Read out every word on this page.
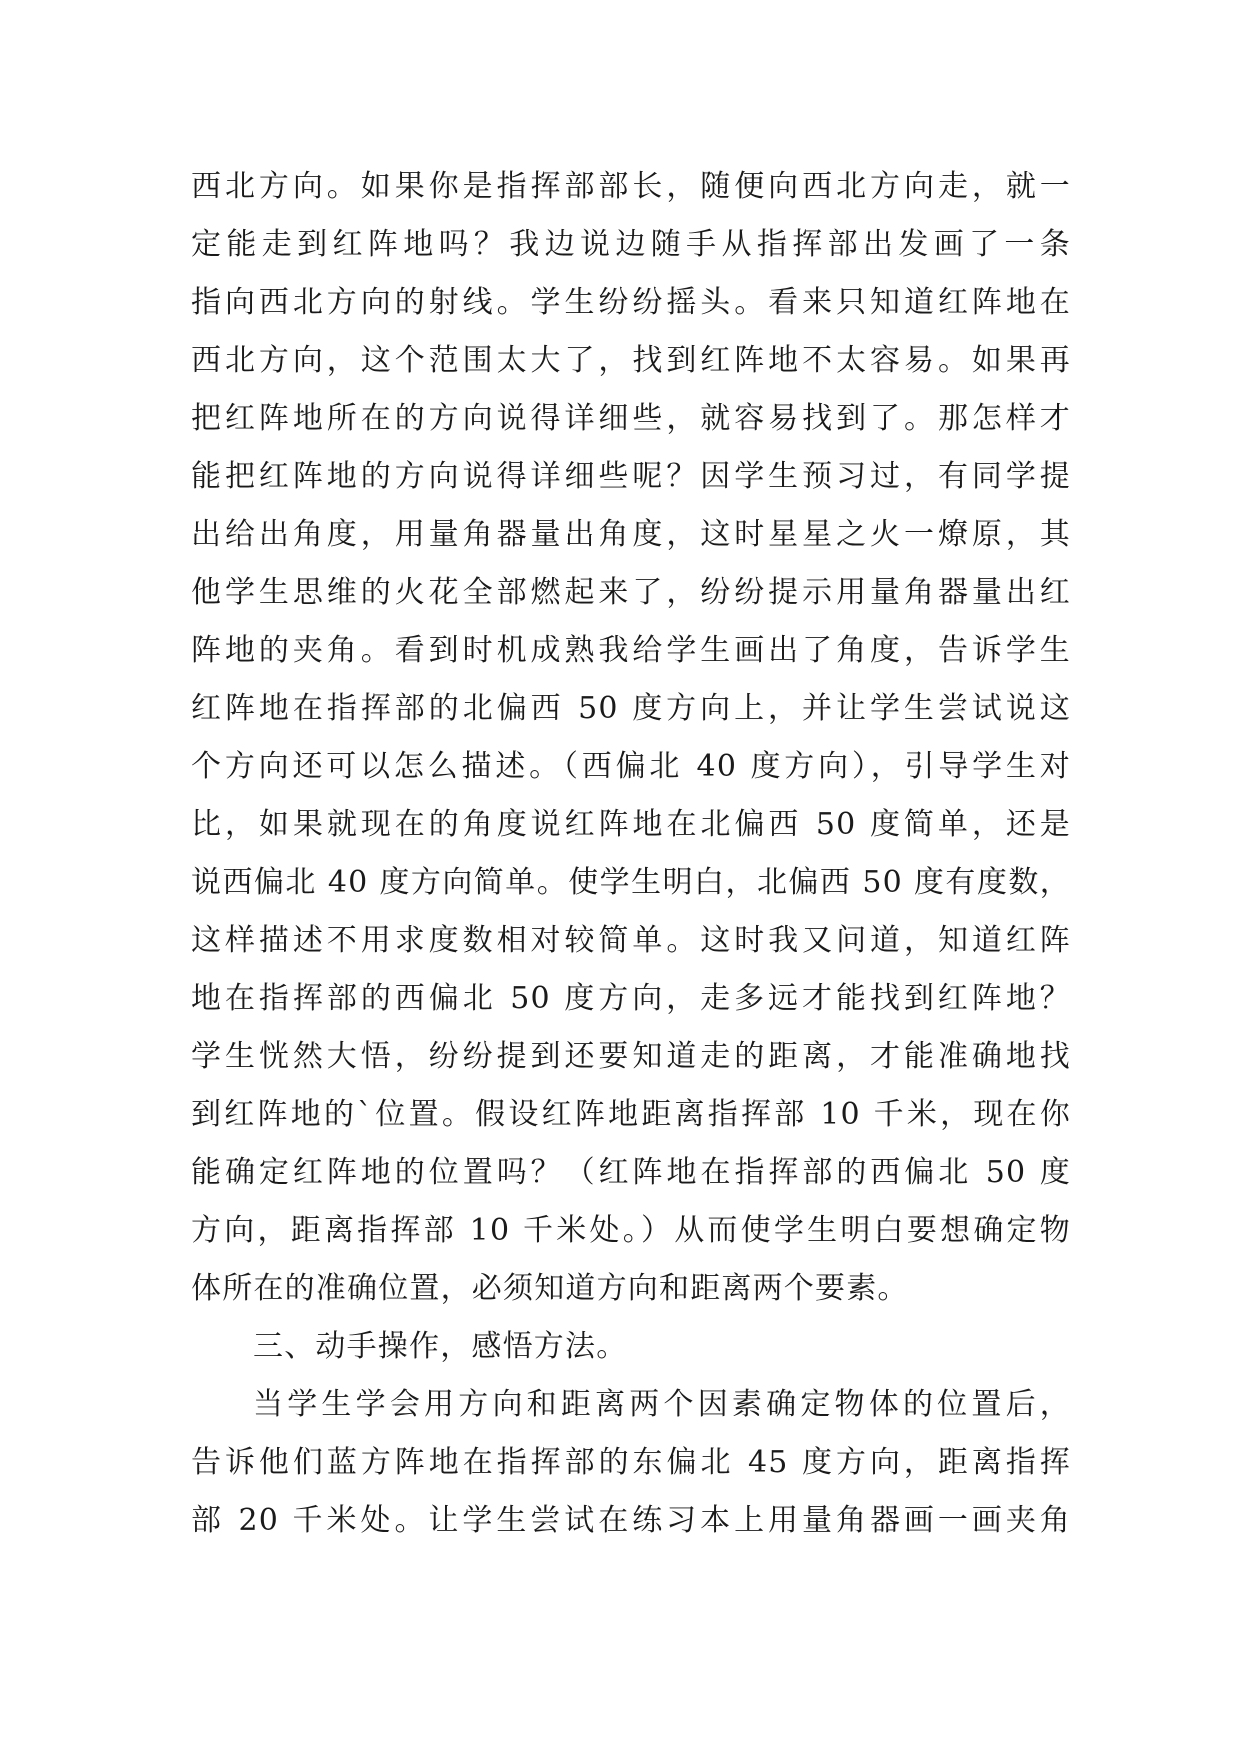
西北方向。如果你是指挥部部长，随便向西北方向走，就一
定能走到红阵地吗？我边说边随手从指挥部出发画了一条
指向西北方向的射线。学生纷纷摇头。看来只知道红阵地在
西北方向，这个范围太大了，找到红阵地不太容易。如果再
把红阵地所在的方向说得详细些，就容易找到了。那怎样才
能把红阵地的方向说得详细些呢？因学生预习过，有同学提
出给出角度，用量角器量出角度，这时星星之火一燎原，其
他学生思维的火花全部燃起来了，纷纷提示用量角器量出红
阵地的夹角。看到时机成熟我给学生画出了角度，告诉学生
红阵地在指挥部的北偏西 50 度方向上，并让学生尝试说这
个方向还可以怎么描述。（西偏北 40 度方向），引导学生对
比，如果就现在的角度说红阵地在北偏西 50 度简单，还是
说西偏北 40 度方向简单。使学生明白，北偏西 50 度有度数，
这样描述不用求度数相对较简单。这时我又问道，知道红阵
地在指挥部的西偏北 50 度方向，走多远才能找到红阵地？
学生恍然大悟，纷纷提到还要知道走的距离，才能准确地找
到红阵地的`位置。假设红阵地距离指挥部 10 千米，现在你
能确定红阵地的位置吗？（红阵地在指挥部的西偏北 50 度
方向，距离指挥部 10 千米处。）从而使学生明白要想确定物
体所在的准确位置，必须知道方向和距离两个要素。
三、动手操作，感悟方法。
当学生学会用方向和距离两个因素确定物体的位置后，
告诉他们蓝方阵地在指挥部的东偏北 45 度方向，距离指挥
部 20 千米处。让学生尝试在练习本上用量角器画一画夹角
